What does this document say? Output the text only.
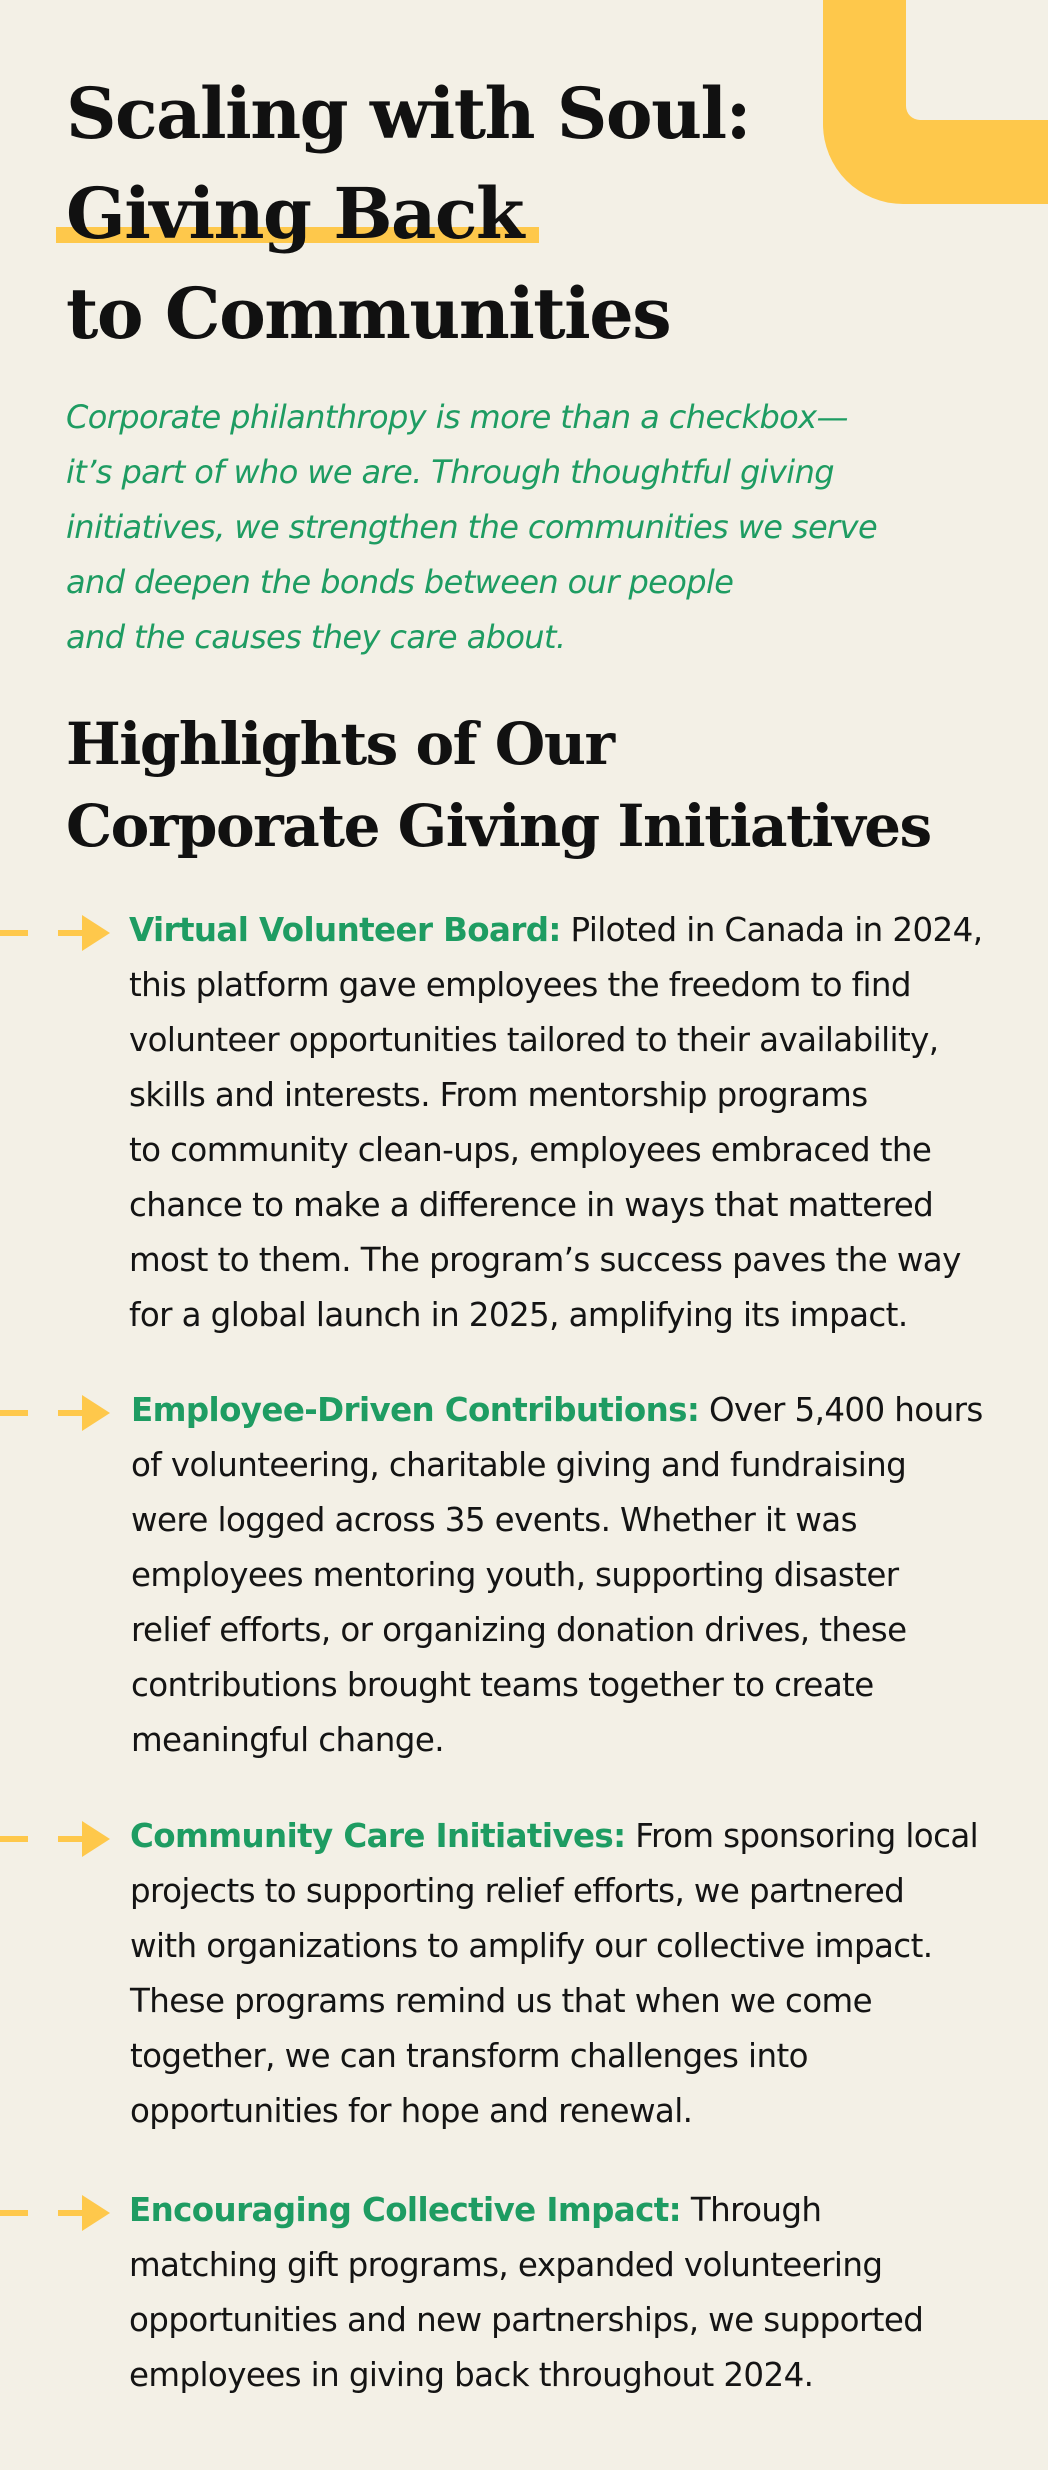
Scaling with Soul:
Giving Back
to Communities

Corporate philanthropy is more than a checkbox—
it’s part of who we are. Through thoughtful giving
initiatives, we strengthen the communities we serve
and deepen the bonds between our people
and the causes they care about.

Highlights of Our
Corporate Giving Initiatives
Virtual Volunteer Board: Piloted in Canada in 2024,
this platform gave employees the freedom to find
volunteer opportunities tailored to their availability,
skills and interests. From mentorship programs
to community clean-ups, employees embraced the
chance to make a difference in ways that mattered
most to them. The program’s success paves the way
for a global launch in 2025, amplifying its impact.
Employee-Driven Contributions: Over 5,400 hours
of volunteering, charitable giving and fundraising
were logged across 35 events. Whether it was
employees mentoring youth, supporting disaster
relief efforts, or organizing donation drives, these
contributions brought teams together to create
meaningful change.
Community Care Initiatives: From sponsoring local
projects to supporting relief efforts, we partnered
with organizations to amplify our collective impact.
These programs remind us that when we come
together, we can transform challenges into
opportunities for hope and renewal.
Encouraging Collective Impact: Through
matching gift programs, expanded volunteering
opportunities and new partnerships, we supported
employees in giving back throughout 2024.
